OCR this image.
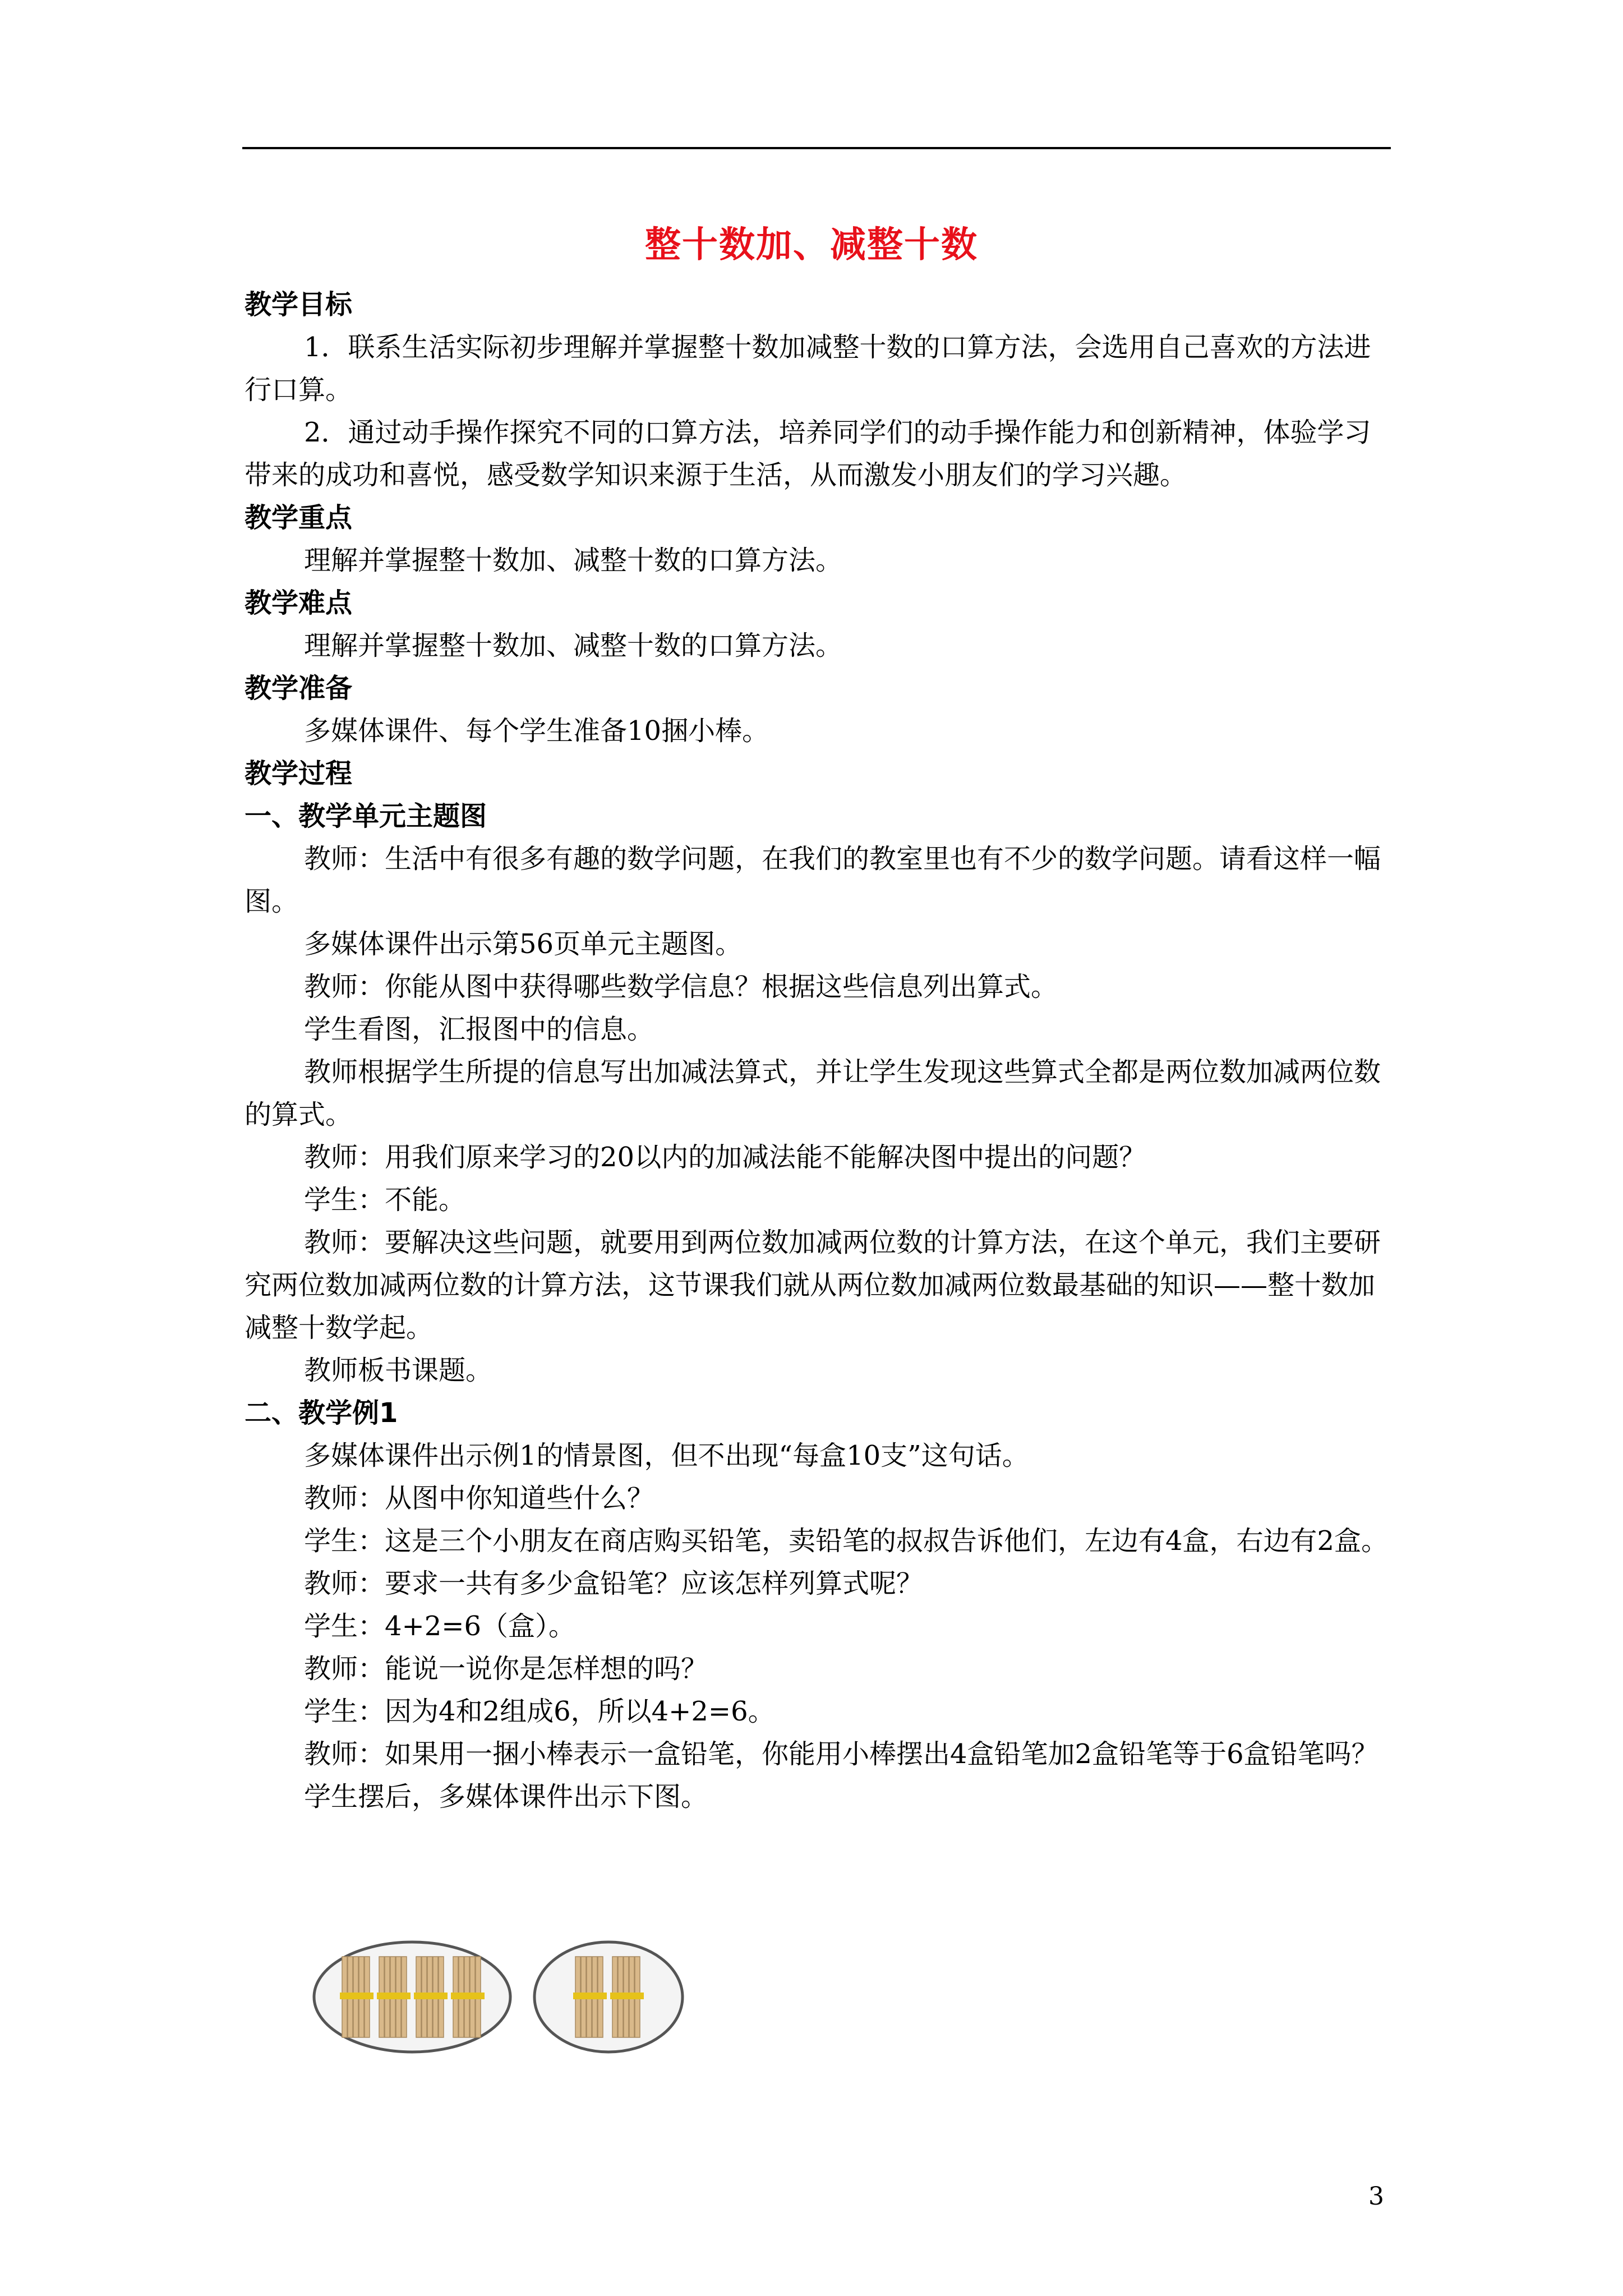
整十数加、减整十数

教学目标

1．联系生活实际初步理解并掌握整十数加减整十数的口算方法，会选用自己喜欢的方法进行口算。

2．通过动手操作探究不同的口算方法，培养同学们的动手操作能力和创新精神，体验学习带来的成功和喜悦，感受数学知识来源于生活，从而激发小朋友们的学习兴趣。

教学重点

理解并掌握整十数加、减整十数的口算方法。

教学难点

理解并掌握整十数加、减整十数的口算方法。

教学准备

多媒体课件、每个学生准备10捆小棒。

教学过程

一、教学单元主题图

教师：生活中有很多有趣的数学问题，在我们的教室里也有不少的数学问题。请看这样一幅图。

多媒体课件出示第56页单元主题图。

教师：你能从图中获得哪些数学信息？根据这些信息列出算式。

学生看图，汇报图中的信息。

教师根据学生所提的信息写出加减法算式，并让学生发现这些算式全都是两位数加减两位数的算式。

教师：用我们原来学习的20以内的加减法能不能解决图中提出的问题？

学生：不能。

教师：要解决这些问题，就要用到两位数加减两位数的计算方法，在这个单元，我们主要研究两位数加减两位数的计算方法，这节课我们就从两位数加减两位数最基础的知识——整十数加减整十数学起。

教师板书课题。

二、教学例1

多媒体课件出示例1的情景图，但不出现“每盒10支”这句话。

教师：从图中你知道些什么？

学生：这是三个小朋友在商店购买铅笔，卖铅笔的叔叔告诉他们，左边有4盒，右边有2盒。

教师：要求一共有多少盒铅笔？应该怎样列算式呢？

学生：4+2=6（盒）。

教师：能说一说你是怎样想的吗？

学生：因为4和2组成6，所以4+2=6。

教师：如果用一捆小棒表示一盒铅笔，你能用小棒摆出4盒铅笔加2盒铅笔等于6盒铅笔吗？

学生摆后，多媒体课件出示下图。

3
